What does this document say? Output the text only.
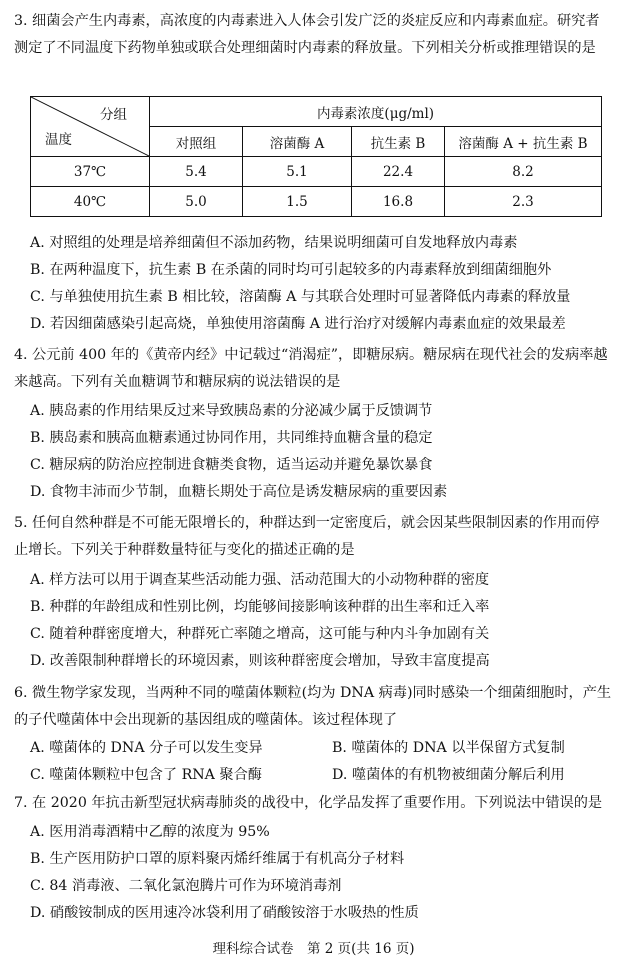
3. 细菌会产生内毒素，高浓度的内毒素进入人体会引发广泛的炎症反应和内毒素血症。研究者测定了不同温度下药物单独或联合处理细菌时内毒素的释放量。下列相关分析或推理错误的是
分组
温度	内毒素浓度(μg/ml)			
	对照组	溶菌酶 A	抗生素 B	溶菌酶 A + 抗生素 B
37℃	5.4	5.1	22.4	8.2
40℃	5.0	1.5	16.8	2.3
A. 对照组的处理是培养细菌但不添加药物，结果说明细菌可自发地释放内毒素
B. 在两种温度下，抗生素 B 在杀菌的同时均可引起较多的内毒素释放到细菌细胞外
C. 与单独使用抗生素 B 相比较，溶菌酶 A 与其联合处理时可显著降低内毒素的释放量
D. 若因细菌感染引起高烧，单独使用溶菌酶 A 进行治疗对缓解内毒素血症的效果最差
4. 公元前 400 年的《黄帝内经》中记载过“消渴症”，即糖尿病。糖尿病在现代社会的发病率越来越高。下列有关血糖调节和糖尿病的说法错误的是
A. 胰岛素的作用结果反过来导致胰岛素的分泌减少属于反馈调节
B. 胰岛素和胰高血糖素通过协同作用，共同维持血糖含量的稳定
C. 糖尿病的防治应控制进食糖类食物，适当运动并避免暴饮暴食
D. 食物丰沛而少节制，血糖长期处于高位是诱发糖尿病的重要因素
5. 任何自然种群是不可能无限增长的，种群达到一定密度后，就会因某些限制因素的作用而停止增长。下列关于种群数量特征与变化的描述正确的是
A. 样方法可以用于调查某些活动能力强、活动范围大的小动物种群的密度
B. 种群的年龄组成和性别比例，均能够间接影响该种群的出生率和迁入率
C. 随着种群密度增大，种群死亡率随之增高，这可能与种内斗争加剧有关
D. 改善限制种群增长的环境因素，则该种群密度会增加，导致丰富度提高
6. 微生物学家发现，当两种不同的噬菌体颗粒(均为 DNA 病毒)同时感染一个细菌细胞时，产生的子代噬菌体中会出现新的基因组成的噬菌体。该过程体现了
A. 噬菌体的 DNA 分子可以发生变异	B. 噬菌体的 DNA 以半保留方式复制
C. 噬菌体颗粒中包含了 RNA 聚合酶	D. 噬菌体的有机物被细菌分解后利用
7. 在 2020 年抗击新型冠状病毒肺炎的战役中，化学品发挥了重要作用。下列说法中错误的是
A. 医用消毒酒精中乙醇的浓度为 95%
B. 生产医用防护口罩的原料聚丙烯纤维属于有机高分子材料
C. 84 消毒液、二氧化氯泡腾片可作为环境消毒剂
D. 硝酸铵制成的医用速冷冰袋利用了硝酸铵溶于水吸热的性质
理科综合试卷　第 2 页(共 16 页)
